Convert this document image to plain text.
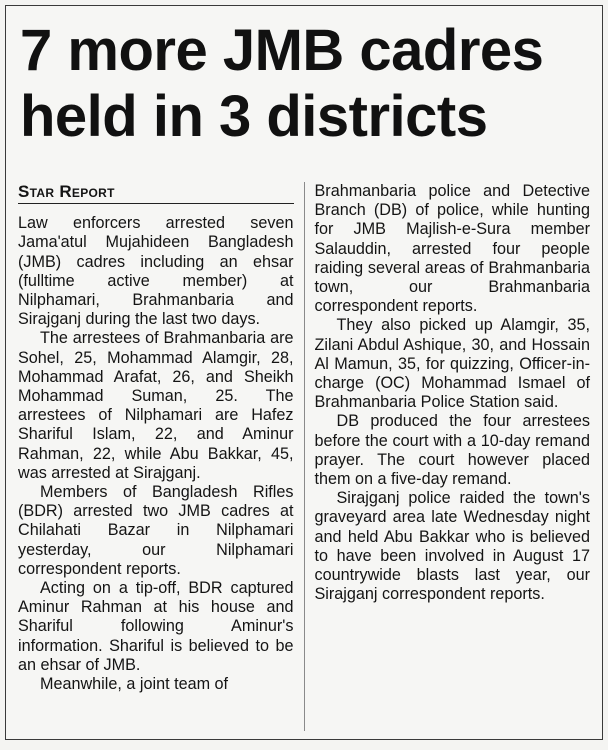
7 more JMB cadres held in 3 districts
Star Report

Law enforcers arrested seven Jama'atul Mujahideen Bangladesh (JMB) cadres including an ehsar (fulltime active member) at Nilphamari, Brahmanbaria and Sirajganj during the last two days.

The arrestees of Brahmanbaria are Sohel, 25, Mohammad Alamgir, 28, Mohammad Arafat, 26, and Sheikh Mohammad Suman, 25. The arrestees of Nilphamari are Hafez Shariful Islam, 22, and Aminur Rahman, 22, while Abu Bakkar, 45, was arrested at Sirajganj.

Members of Bangladesh Rifles (BDR) arrested two JMB cadres at Chilahati Bazar in Nilphamari yesterday, our Nilphamari correspondent reports.

Acting on a tip-off, BDR captured Aminur Rahman at his house and Shariful following Aminur's information. Shariful is believed to be an ehsar of JMB.

Meanwhile, a joint team of

Brahmanbaria police and Detective Branch (DB) of police, while hunting for JMB Majlish-e-Sura member Salauddin, arrested four people raiding several areas of Brahmanbaria town, our Brahmanbaria correspondent reports.

They also picked up Alamgir, 35, Zilani Abdul Ashique, 30, and Hossain Al Mamun, 35, for quizzing, Officer-in-charge (OC) Mohammad Ismael of Brahmanbaria Police Station said.

DB produced the four arrestees before the court with a 10-day remand prayer. The court however placed them on a five-day remand.

Sirajganj police raided the town's graveyard area late Wednesday night and held Abu Bakkar who is believed to have been involved in August 17 countrywide blasts last year, our Sirajganj correspondent reports.
